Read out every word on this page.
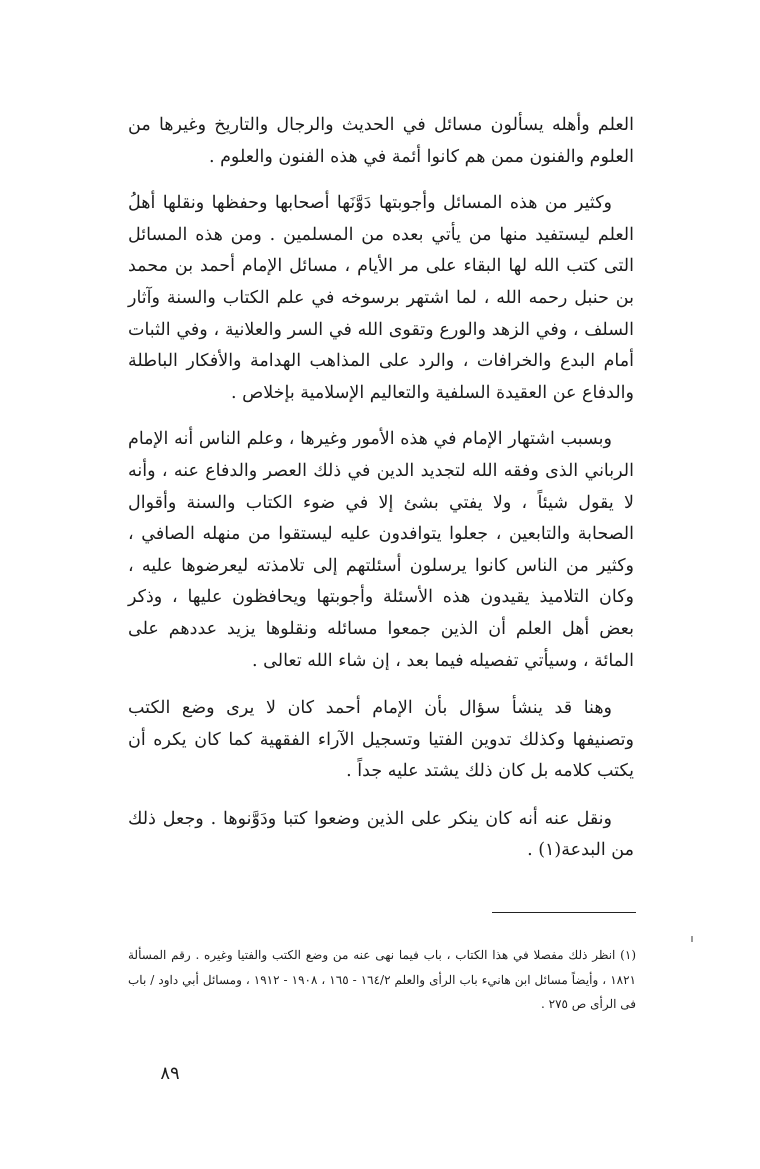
العلم وأهله يسألون مسائل في الحديث والرجال والتاريخ وغيرها من العلوم والفنون ممن هم كانوا أئمة في هذه الفنون والعلوم .

وكثير من هذه المسائل وأجوبتها دَوَّنَها أصحابها وحفظها ونقلها أهلُ العلم ليستفيد منها من يأتي بعده من المسلمين . ومن هذه المسائل التى كتب الله لها البقاء على مر الأيام ، مسائل الإمام أحمد بن محمد بن حنبل رحمه الله ، لما اشتهر برسوخه في علم الكتاب والسنة وآثار السلف ، وفي الزهد والورع وتقوى الله في السر والعلانية ، وفي الثبات أمام البدع والخرافات ، والرد على المذاهب الهدامة والأفكار الباطلة والدفاع عن العقيدة السلفية والتعاليم الإسلامية بإخلاص .

وبسبب اشتهار الإمام في هذه الأمور وغيرها ، وعلم الناس أنه الإمام الرباني الذى وفقه الله لتجديد الدين في ذلك العصر والدفاع عنه ، وأنه لا يقول شيئاً ، ولا يفتي بشئ إلا في ضوء الكتاب والسنة وأقوال الصحابة والتابعين ، جعلوا يتوافدون عليه ليستقوا من منهله الصافي ، وكثير من الناس كانوا يرسلون أسئلتهم إلى تلامذته ليعرضوها عليه ، وكان التلاميذ يقيدون هذه الأسئلة وأجوبتها ويحافظون عليها ، وذكر بعض أهل العلم أن الذين جمعوا مسائله ونقلوها يزيد عددهم على المائة ، وسيأتي تفصيله فيما بعد ، إن شاء الله تعالى .

وهنا قد ينشأ سؤال بأن الإمام أحمد كان لا يرى وضع الكتب وتصنيفها وكذلك تدوين الفتيا وتسجيل الآراء الفقهية كما كان يكره أن يكتب كلامه بل كان ذلك يشتد عليه جداً .

ونقل عنه أنه كان ينكر على الذين وضعوا كتبا ودَوَّنوها . وجعل ذلك من البدعة(١) .

(١) انظر ذلك مفصلا في هذا الكتاب ، باب فيما نهى عنه من وضع الكتب والفتيا وغيره . رقم المسألة ١٨٢١ ، وأيضاً مسائل ابن هانيء باب الرأى والعلم ١٦٤/٢ - ١٦٥ ، ١٩٠٨ - ١٩١٢ ، ومسائل أبي داود / باب فى الرأى ص ٢٧٥ .

٨٩
